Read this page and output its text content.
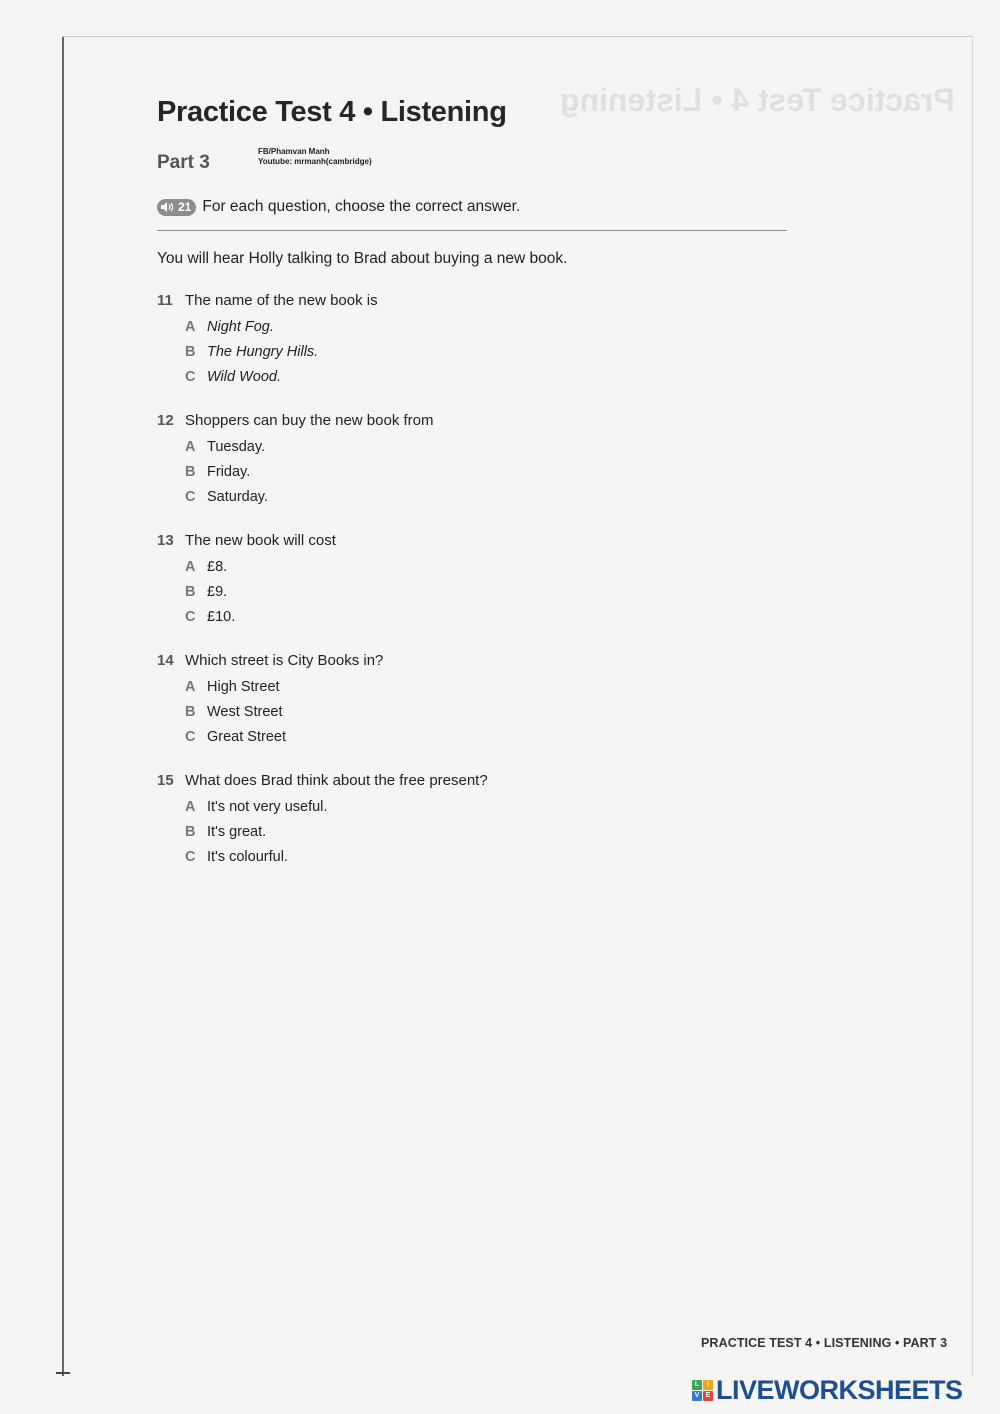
Practice Test 4 • Listening
Practice Test 4 • Listening
Part 3
FB/Phamvan Manh
Youtube: mrmanh(cambridge)
21 For each question, choose the correct answer.
You will hear Holly talking to Brad about buying a new book.
11 The name of the new book is
A Night Fog.
B The Hungry Hills.
C Wild Wood.
12 Shoppers can buy the new book from
A Tuesday.
B Friday.
C Saturday.
13 The new book will cost
A £8.
B £9.
C £10.
14 Which street is City Books in?
A High Street
B West Street
C Great Street
15 What does Brad think about the free present?
A It's not very useful.
B It's great.
C It's colourful.
PRACTICE TEST 4 • LISTENING • PART 3
L	I
V E LIVEWORKSHEETS
